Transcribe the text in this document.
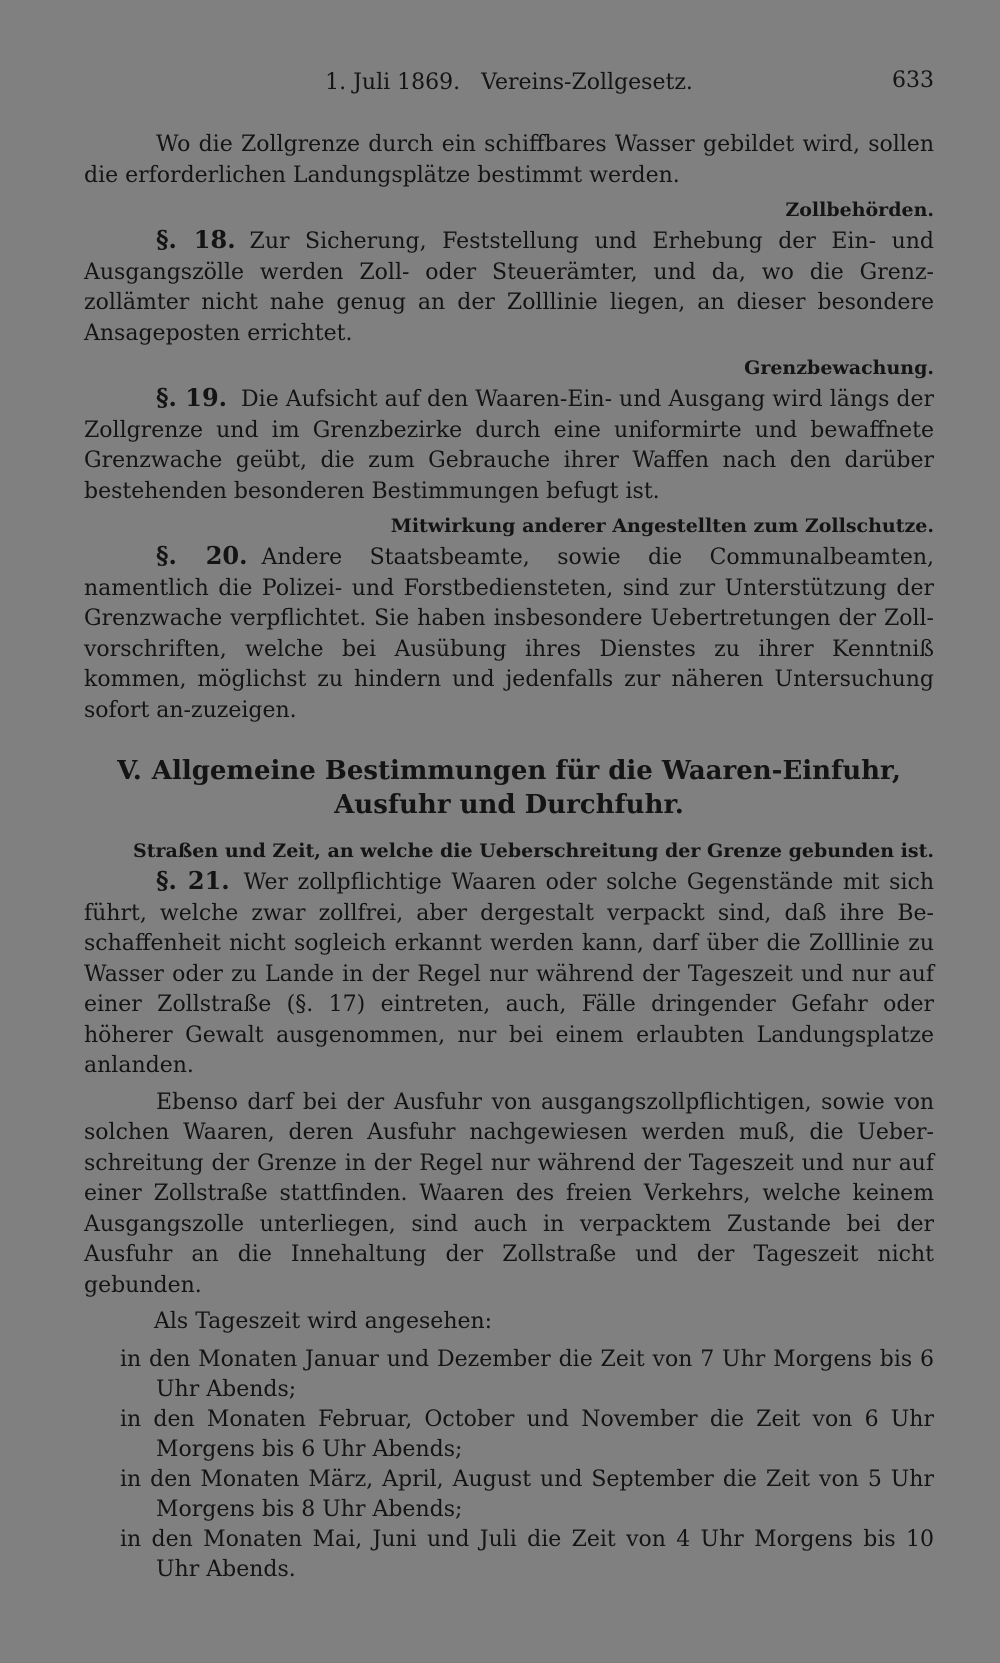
1. Juli 1869. Vereins-Zollgesetz.	633

Wo die Zollgrenze durch ein schiffbares Wasser gebildet wird, sollen die erforderlichen Landungsplätze bestimmt werden.

Zollbehörden.

§. 18. Zur Sicherung, Feststellung und Erhebung der Ein- und Ausgangszölle werden Zoll- oder Steuerämter, und da, wo die Grenz-zollämter nicht nahe genug an der Zolllinie liegen, an dieser besondere Ansageposten errichtet.

Grenzbewachung.

§. 19. Die Aufsicht auf den Waaren-Ein- und Ausgang wird längs der Zollgrenze und im Grenzbezirke durch eine uniformirte und bewaffnete Grenzwache geübt, die zum Gebrauche ihrer Waffen nach den darüber bestehenden besonderen Bestimmungen befugt ist.

Mitwirkung anderer Angestellten zum Zollschutze.

§. 20. Andere Staatsbeamte, sowie die Communalbeamten, namentlich die Polizei- und Forstbediensteten, sind zur Unterstützung der Grenzwache verpflichtet. Sie haben insbesondere Uebertretungen der Zoll-vorschriften, welche bei Ausübung ihres Dienstes zu ihrer Kenntniß kommen, möglichst zu hindern und jedenfalls zur näheren Untersuchung sofort an-zuzeigen.

V. Allgemeine Bestimmungen für die Waaren-Einfuhr, Ausfuhr und Durchfuhr.
Straßen und Zeit, an welche die Ueberschreitung der Grenze gebunden ist.

§. 21. Wer zollpflichtige Waaren oder solche Gegenstände mit sich führt, welche zwar zollfrei, aber dergestalt verpackt sind, daß ihre Be-schaffenheit nicht sogleich erkannt werden kann, darf über die Zolllinie zu Wasser oder zu Lande in der Regel nur während der Tageszeit und nur auf einer Zollstraße (§. 17) eintreten, auch, Fälle dringender Gefahr oder höherer Gewalt ausgenommen, nur bei einem erlaubten Landungsplatze anlanden.

Ebenso darf bei der Ausfuhr von ausgangszollpflichtigen, sowie von solchen Waaren, deren Ausfuhr nachgewiesen werden muß, die Ueber-schreitung der Grenze in der Regel nur während der Tageszeit und nur auf einer Zollstraße stattfinden. Waaren des freien Verkehrs, welche keinem Ausgangszolle unterliegen, sind auch in verpacktem Zustande bei der Ausfuhr an die Innehaltung der Zollstraße und der Tageszeit nicht gebunden.

Als Tageszeit wird angesehen:
in den Monaten Januar und Dezember die Zeit von 7 Uhr Morgens bis 6 Uhr Abends;
in den Monaten Februar, October und November die Zeit von 6 Uhr Morgens bis 6 Uhr Abends;
in den Monaten März, April, August und September die Zeit von 5 Uhr Morgens bis 8 Uhr Abends;
in den Monaten Mai, Juni und Juli die Zeit von 4 Uhr Morgens bis 10 Uhr Abends.
